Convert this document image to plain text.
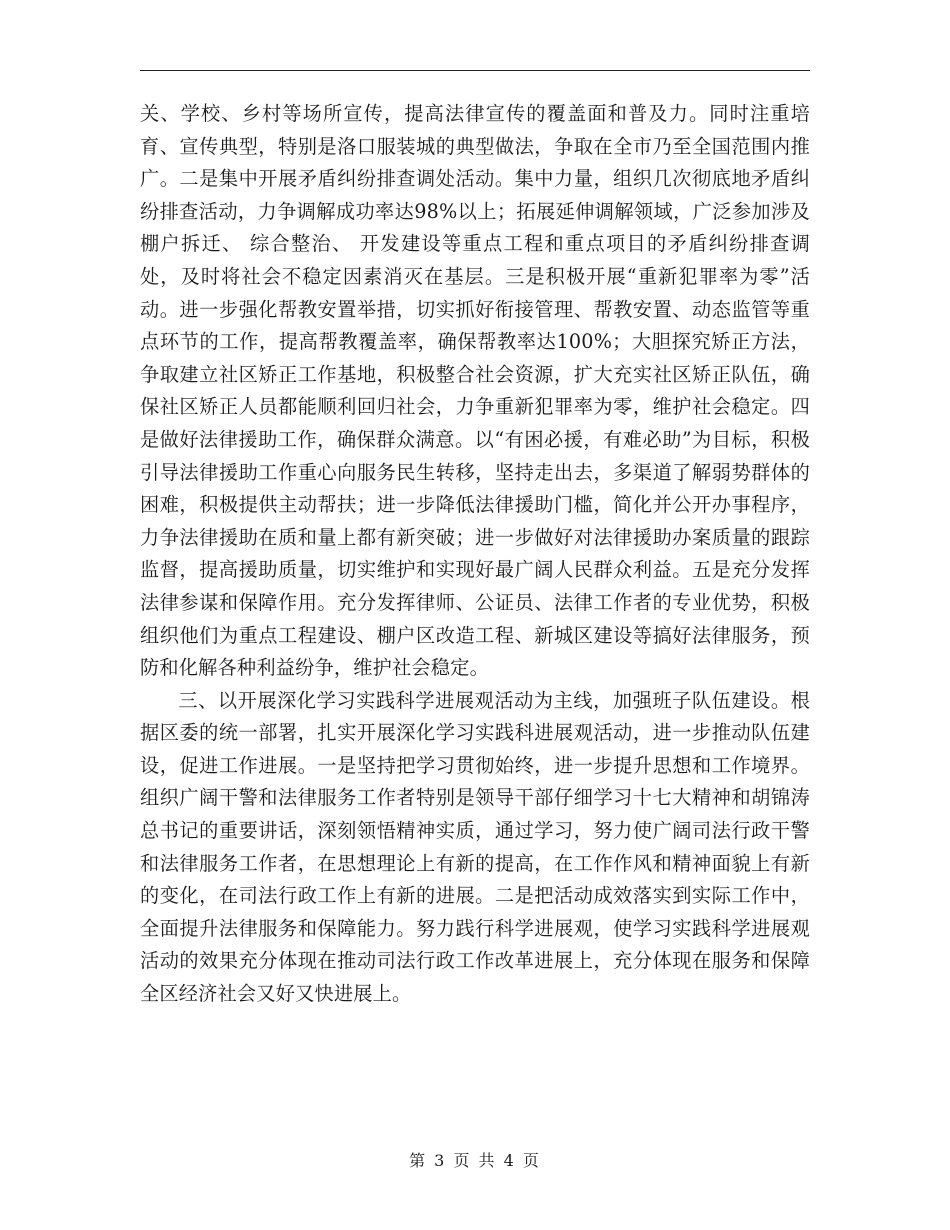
关、学校、乡村等场所宣传，提高法律宣传的覆盖面和普及力。同时注重培育、宣传典型，特别是洛口服装城的典型做法，争取在全市乃至全国范围内推广。二是集中开展矛盾纠纷排查调处活动。集中力量，组织几次彻底地矛盾纠纷排查活动，力争调解成功率达98%以上；拓展延伸调解领域，广泛参加涉及棚户拆迁、 综合整治、 开发建设等重点工程和重点项目的矛盾纠纷排查调处，及时将社会不稳定因素消灭在基层。三是积极开展“重新犯罪率为零”活动。进一步强化帮教安置举措，切实抓好衔接管理、帮教安置、动态监管等重点环节的工作，提高帮教覆盖率，确保帮教率达100%；大胆探究矫正方法，争取建立社区矫正工作基地，积极整合社会资源，扩大充实社区矫正队伍，确保社区矫正人员都能顺利回归社会，力争重新犯罪率为零，维护社会稳定。四是做好法律援助工作，确保群众满意。以“有困必援，有难必助”为目标，积极引导法律援助工作重心向服务民生转移，坚持走出去，多渠道了解弱势群体的困难，积极提供主动帮扶；进一步降低法律援助门槛，简化并公开办事程序，力争法律援助在质和量上都有新突破；进一步做好对法律援助办案质量的跟踪监督，提高援助质量，切实维护和实现好最广阔人民群众利益。五是充分发挥法律参谋和保障作用。充分发挥律师、公证员、法律工作者的专业优势，积极组织他们为重点工程建设、棚户区改造工程、新城区建设等搞好法律服务，预防和化解各种利益纷争，维护社会稳定。

三、以开展深化学习实践科学进展观活动为主线，加强班子队伍建设。根据区委的统一部署，扎实开展深化学习实践科进展观活动，进一步推动队伍建设，促进工作进展。一是坚持把学习贯彻始终，进一步提升思想和工作境界。组织广阔干警和法律服务工作者特别是领导干部仔细学习十七大精神和胡锦涛总书记的重要讲话，深刻领悟精神实质，通过学习，努力使广阔司法行政干警和法律服务工作者，在思想理论上有新的提高，在工作作风和精神面貌上有新的变化，在司法行政工作上有新的进展。二是把活动成效落实到实际工作中，全面提升法律服务和保障能力。努力践行科学进展观，使学习实践科学进展观活动的效果充分体现在推动司法行政工作改革进展上，充分体现在服务和保障全区经济社会又好又快进展上。

第 3 页 共 4 页
